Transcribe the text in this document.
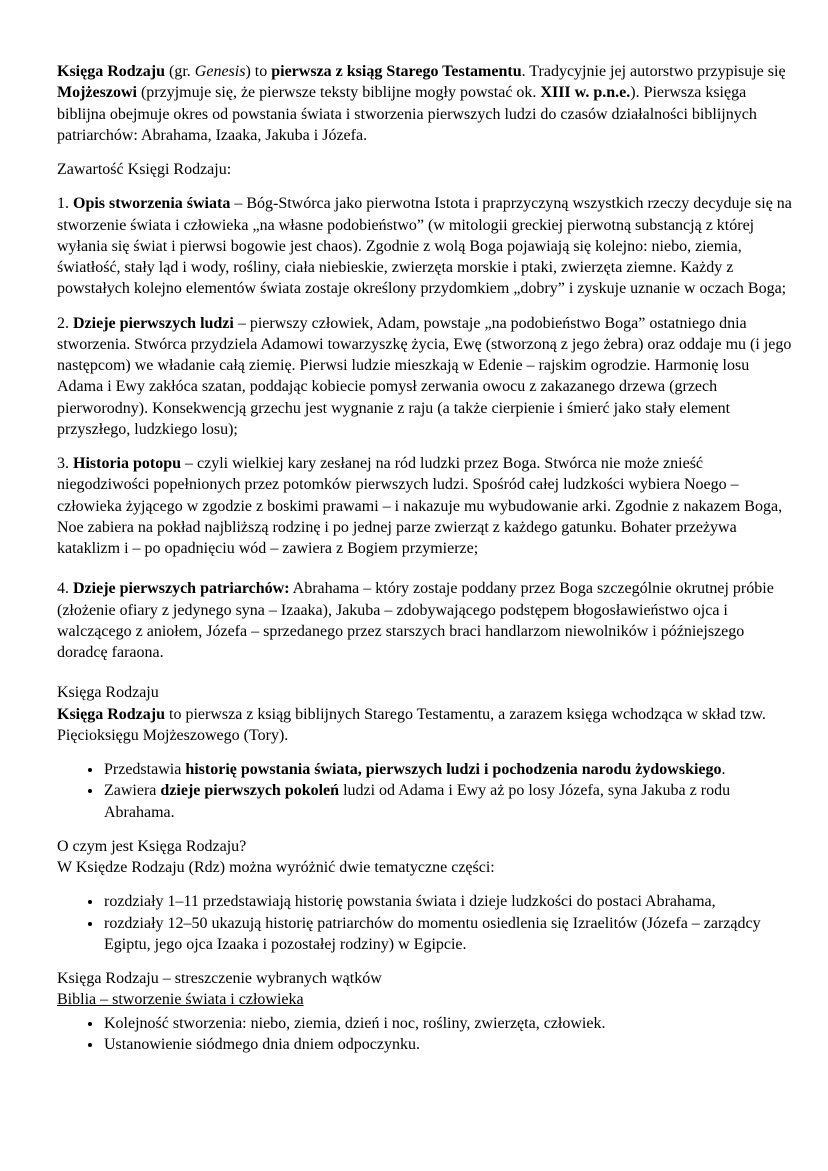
Księga Rodzaju (gr. Genesis) to pierwsza z ksiąg Starego Testamentu. Tradycyjnie jej autorstwo przypisuje się Mojżeszowi (przyjmuje się, że pierwsze teksty biblijne mogły powstać ok. XIII w. p.n.e.). Pierwsza księga biblijna obejmuje okres od powstania świata i stworzenia pierwszych ludzi do czasów działalności biblijnych patriarchów: Abrahama, Izaaka, Jakuba i Józefa.

Zawartość Księgi Rodzaju:

1. Opis stworzenia świata – Bóg-Stwórca jako pierwotna Istota i praprzyczyną wszystkich rzeczy decyduje się na stworzenie świata i człowieka „na własne podobieństwo” (w mitologii greckiej pierwotną substancją z której wyłania się świat i pierwsi bogowie jest chaos). Zgodnie z wolą Boga pojawiają się kolejno: niebo, ziemia, światłość, stały ląd i wody, rośliny, ciała niebieskie, zwierzęta morskie i ptaki, zwierzęta ziemne. Każdy z powstałych kolejno elementów świata zostaje określony przydomkiem „dobry” i zyskuje uznanie w oczach Boga;

2. Dzieje pierwszych ludzi – pierwszy człowiek, Adam, powstaje „na podobieństwo Boga” ostatniego dnia stworzenia. Stwórca przydziela Adamowi towarzyszkę życia, Ewę (stworzoną z jego żebra) oraz oddaje mu (i jego następcom) we władanie całą ziemię. Pierwsi ludzie mieszkają w Edenie – rajskim ogrodzie. Harmonię losu Adama i Ewy zakłóca szatan, poddając kobiecie pomysł zerwania owocu z zakazanego drzewa (grzech pierworodny). Konsekwencją grzechu jest wygnanie z raju (a także cierpienie i śmierć jako stały element przyszłego, ludzkiego losu);

3. Historia potopu – czyli wielkiej kary zesłanej na ród ludzki przez Boga. Stwórca nie może znieść niegodziwości popełnionych przez potomków pierwszych ludzi. Spośród całej ludzkości wybiera Noego – człowieka żyjącego w zgodzie z boskimi prawami – i nakazuje mu wybudowanie arki. Zgodnie z nakazem Boga, Noe zabiera na pokład najbliższą rodzinę i po jednej parze zwierząt z każdego gatunku. Bohater przeżywa kataklizm i – po opadnięciu wód – zawiera z Bogiem przymierze;

4. Dzieje pierwszych patriarchów: Abrahama – który zostaje poddany przez Boga szczególnie okrutnej próbie (złożenie ofiary z jedynego syna – Izaaka), Jakuba – zdobywającego podstępem błogosławieństwo ojca i walczącego z aniołem, Józefa – sprzedanego przez starszych braci handlarzom niewolników i późniejszego doradcę faraona.

Księga Rodzaju

Księga Rodzaju to pierwsza z ksiąg biblijnych Starego Testamentu, a zarazem księga wchodząca w skład tzw. Pięcioksięgu Mojżeszowego (Tory).

• Przedstawia historię powstania świata, pierwszych ludzi i pochodzenia narodu żydowskiego.
• Zawiera dzieje pierwszych pokoleń ludzi od Adama i Ewy aż po losy Józefa, syna Jakuba z rodu Abrahama.

O czym jest Księga Rodzaju?

W Księdze Rodzaju (Rdz) można wyróżnić dwie tematyczne części:

• rozdziały 1–11 przedstawiają historię powstania świata i dzieje ludzkości do postaci Abrahama,
• rozdziały 12–50 ukazują historię patriarchów do momentu osiedlenia się Izraelitów (Józefa – zarządcy Egiptu, jego ojca Izaaka i pozostałej rodziny) w Egipcie.

Księga Rodzaju – streszczenie wybranych wątków

Biblia – stworzenie świata i człowieka

• Kolejność stworzenia: niebo, ziemia, dzień i noc, rośliny, zwierzęta, człowiek.
• Ustanowienie siódmego dnia dniem odpoczynku.
